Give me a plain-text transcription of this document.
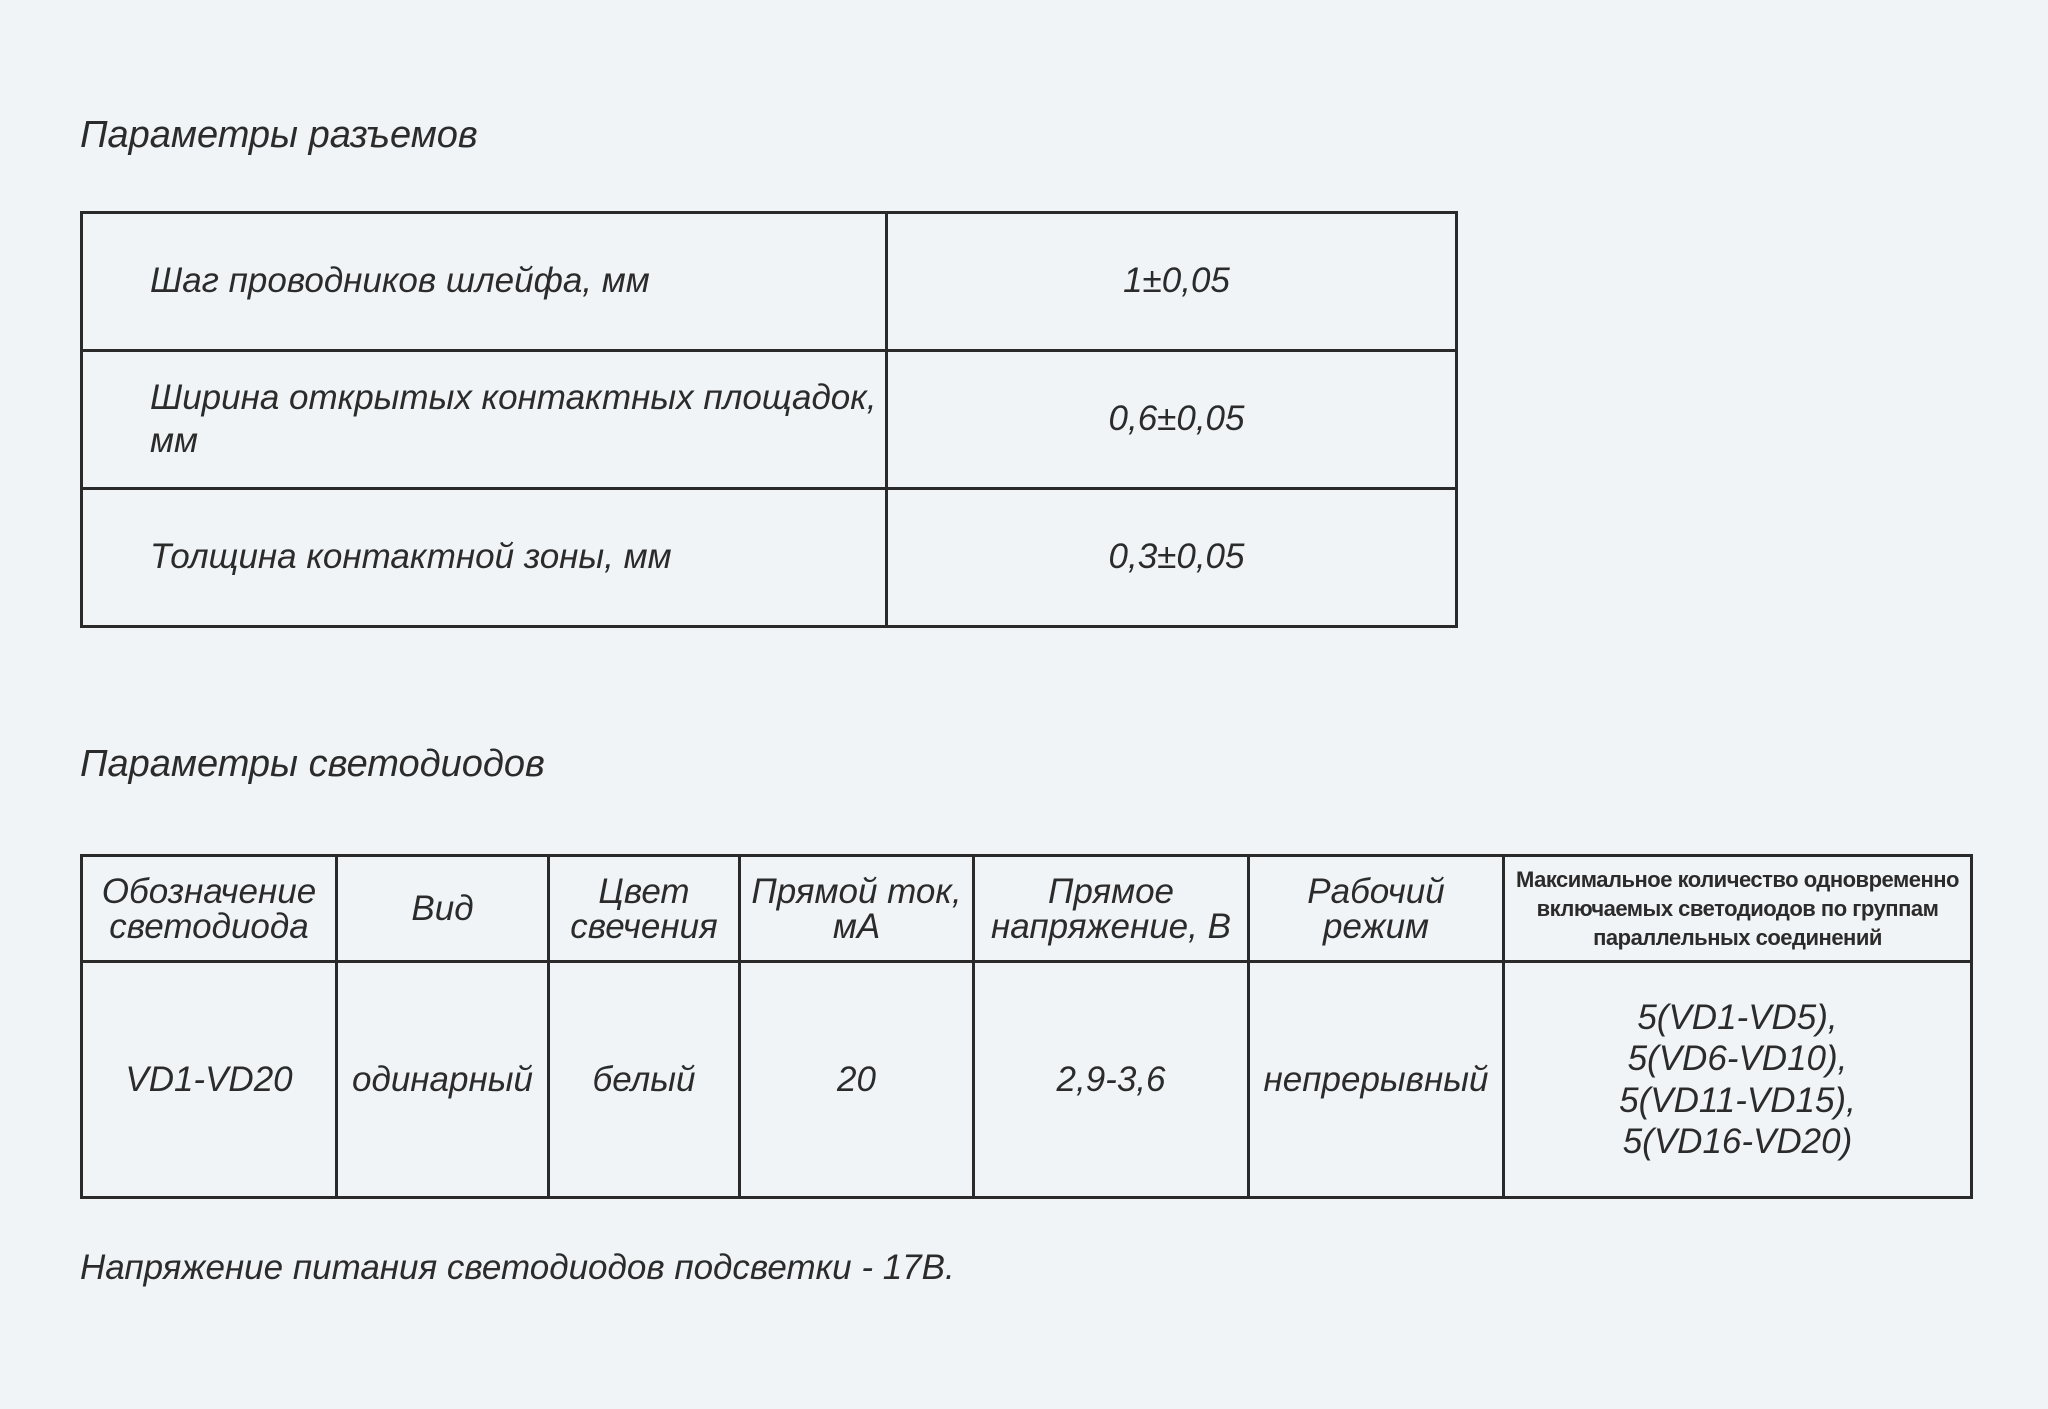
Параметры разъемов
Шаг проводников шлейфа, мм	1±0,05
Ширина открытых контактных площадок, мм	0,6±0,05
Толщина контактной зоны, мм	0,3±0,05
Параметры светодиодов
Обозначение светодиода	Вид	Цвет свечения	Прямой ток, мА	Прямое напряжение, В	Рабочий режим	Максимальное количество одновременно включаемых светодиодов по группам параллельных соединений
VD1-VD20	одинарный	белый	20	2,9-3,6	непрерывный	5(VD1-VD5),
5(VD6-VD10),
5(VD11-VD15),
5(VD16-VD20)
Напряжение питания светодиодов подсветки - 17В.
